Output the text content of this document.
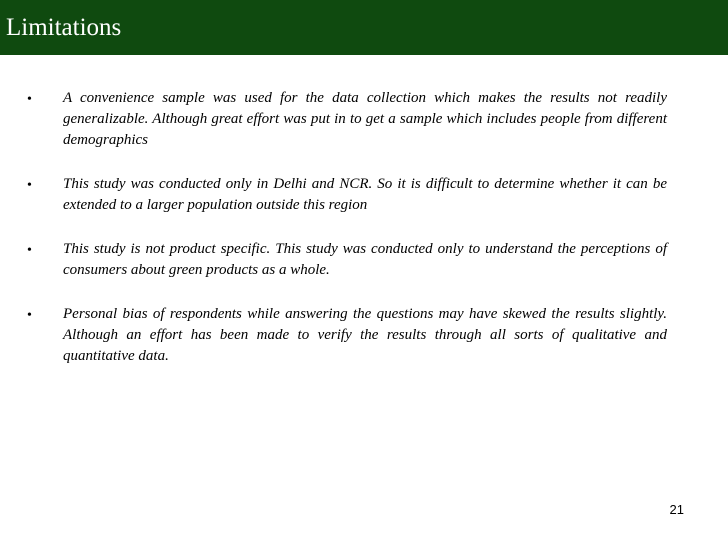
Limitations
• A convenience sample was used for the data collection which makes the results not readily generalizable. Although great effort was put in to get a sample which includes people from different demographics
• This study was conducted only in Delhi and NCR. So it is difficult to determine whether it can be extended to a larger population outside this region
• This study is not product specific. This study was conducted only to understand the perceptions of consumers about green products as a whole.
• Personal bias of respondents while answering the questions may have skewed the results slightly. Although an effort has been made to verify the results through all sorts of qualitative and quantitative data.
21
